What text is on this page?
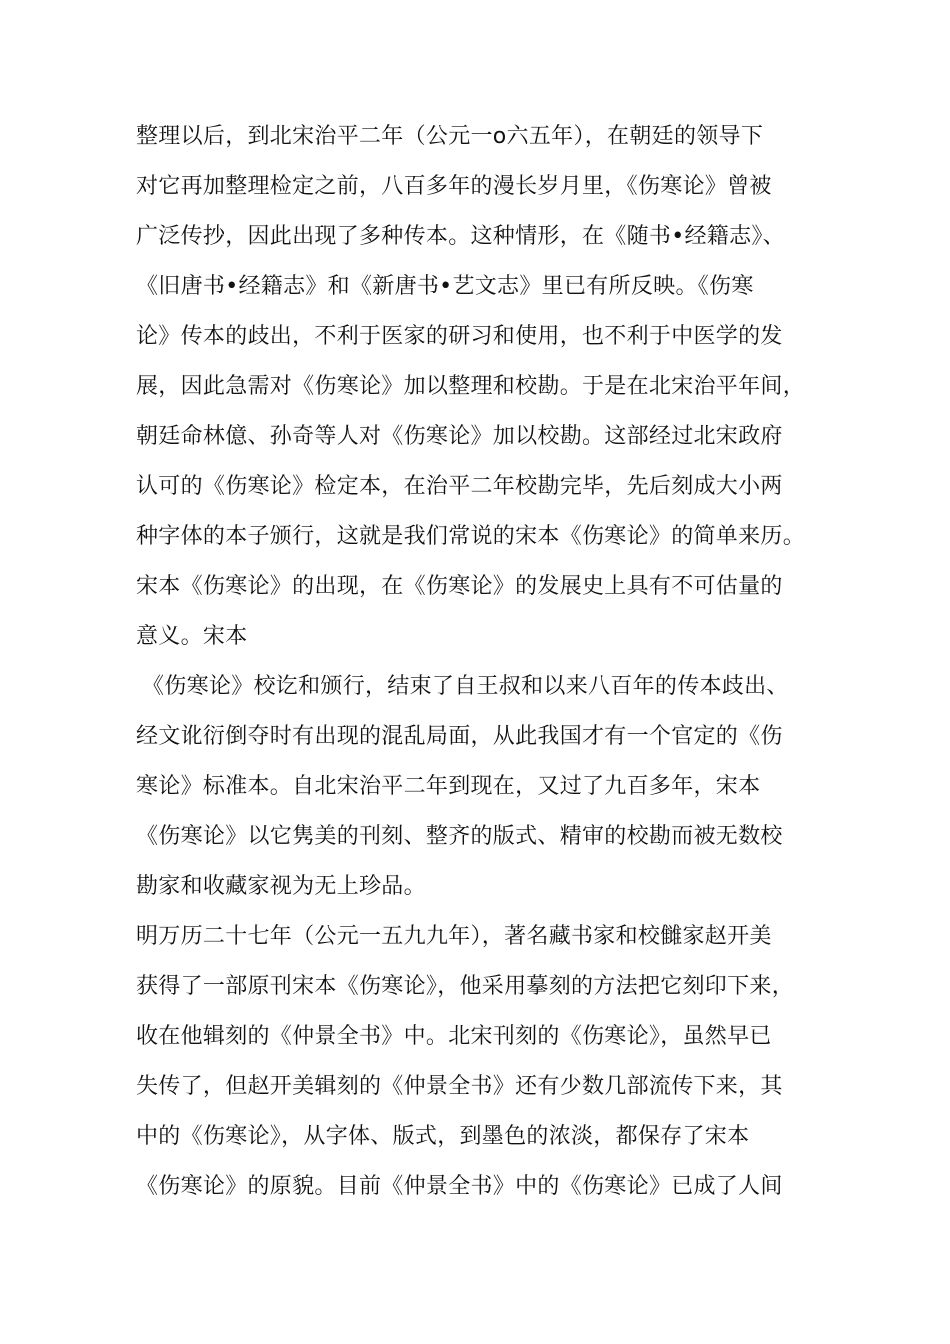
整理以后，到北宋治平二年（公元一o六五年），在朝廷的领导下
对它再加整理检定之前，八百多年的漫长岁月里，《伤寒论》曾被
广泛传抄，因此出现了多种传本。这种情形，在《随书•经籍志》、
《旧唐书•经籍志》和《新唐书•艺文志》里已有所反映。《伤寒
论》传本的歧出，不利于医家的研习和使用，也不利于中医学的发
展，因此急需对《伤寒论》加以整理和校勘。于是在北宋治平年间，
朝廷命林億、孙奇等人对《伤寒论》加以校勘。这部经过北宋政府
认可的《伤寒论》检定本，在治平二年校勘完毕，先后刻成大小两
种字体的本子颁行，这就是我们常说的宋本《伤寒论》的简单来历。
宋本《伤寒论》的出现，在《伤寒论》的发展史上具有不可估量的
意义。宋本
《伤寒论》校讫和颁行，结束了自王叔和以来八百年的传本歧出、
经文讹衍倒夺时有出现的混乱局面，从此我国才有一个官定的《伤
寒论》标准本。自北宋治平二年到现在，又过了九百多年，宋本
《伤寒论》以它隽美的刊刻、整齐的版式、精审的校勘而被无数校
勘家和收藏家视为无上珍品。
明万历二十七年（公元一五九九年），著名藏书家和校雠家赵开美
获得了一部原刊宋本《伤寒论》，他采用摹刻的方法把它刻印下来，
收在他辑刻的《仲景全书》中。北宋刊刻的《伤寒论》，虽然早已
失传了，但赵开美辑刻的《仲景全书》还有少数几部流传下来，其
中的《伤寒论》，从字体、版式，到墨色的浓淡，都保存了宋本
《伤寒论》的原貌。目前《仲景全书》中的《伤寒论》已成了人间
